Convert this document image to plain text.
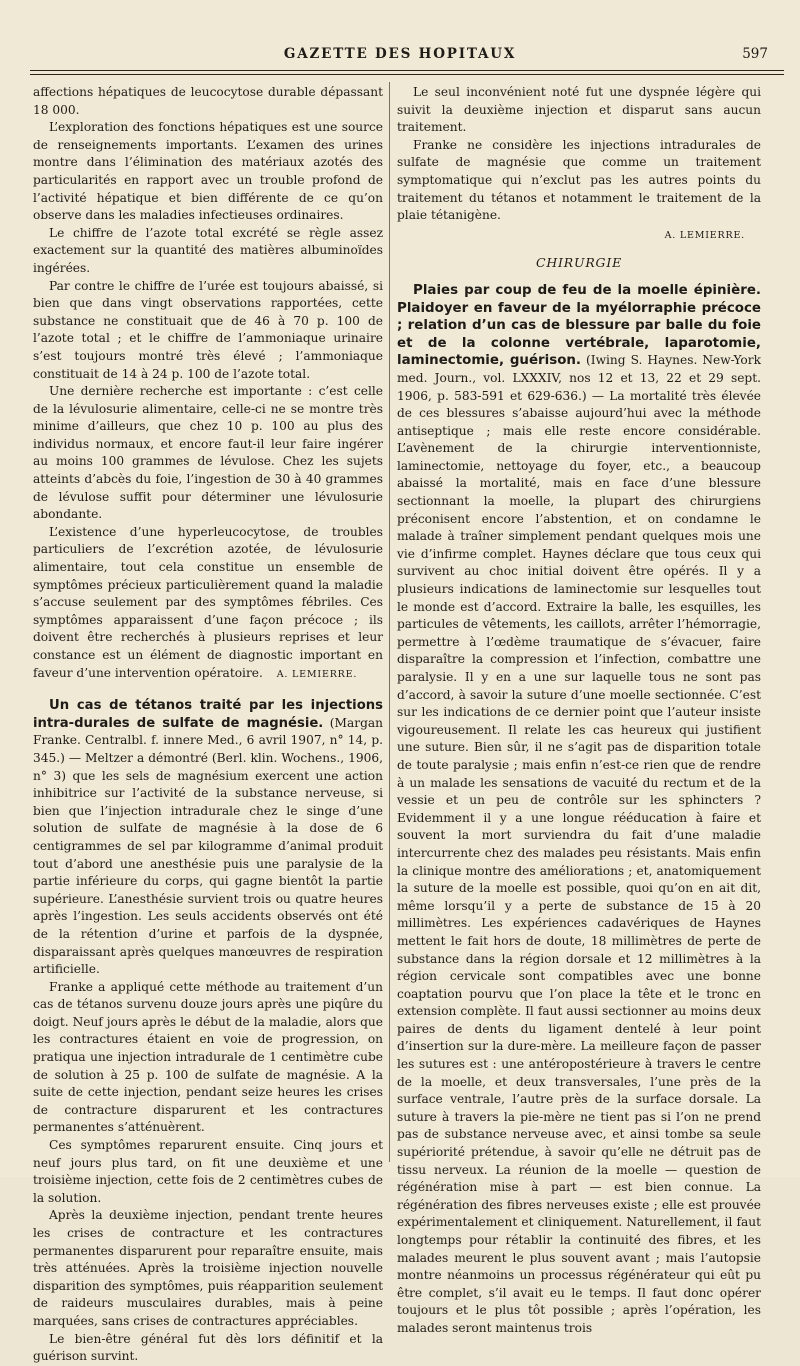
GAZETTE DES HOPITAUX	597

affections hépatiques de leucocytose durable dépassant 18 000.

L’exploration des fonctions hépatiques est une source de renseignements importants. L’examen des urines montre dans l’élimination des matériaux azotés des particularités en rapport avec un trouble profond de l’activité hépatique et bien différente de ce qu’on observe dans les maladies infectieuses ordinaires.

Le chiffre de l’azote total excrété se règle assez exactement sur la quantité des matières albuminoïdes ingérées.

Par contre le chiffre de l’urée est toujours abaissé, si bien que dans vingt observations rapportées, cette substance ne constituait que de 46 à 70 p. 100 de l’azote total ; et le chiffre de l’ammoniaque urinaire s’est toujours montré très élevé ; l’ammoniaque constituait de 14 à 24 p. 100 de l’azote total.

Une dernière recherche est importante : c’est celle de la lévulosurie alimentaire, celle-ci ne se montre très minime d’ailleurs, que chez 10 p. 100 au plus des individus normaux, et encore faut-il leur faire ingérer au moins 100 grammes de lévulose. Chez les sujets atteints d’abcès du foie, l’ingestion de 30 à 40 grammes de lévulose suffit pour déterminer une lévulosurie abondante.

L’existence d’une hyperleucocytose, de troubles particuliers de l’excrétion azotée, de lévulosurie alimentaire, tout cela constitue un ensemble de symptômes précieux particulièrement quand la maladie s’accuse seulement par des symptômes fébriles. Ces symptômes apparaissent d’une façon précoce ; ils doivent être recherchés à plusieurs reprises et leur constance est un élément de diagnostic important en faveur d’une intervention opératoire. A. LEMIERRE.

Un cas de tétanos traité par les injections intra-durales de sulfate de magnésie. (Margan Franke. Centralbl. f. innere Med., 6 avril 1907, n° 14, p. 345.) — Meltzer a démontré (Berl. klin. Wochens., 1906, n° 3) que les sels de magnésium exercent une action inhibitrice sur l’activité de la substance nerveuse, si bien que l’injection intradurale chez le singe d’une solution de sulfate de magnésie à la dose de 6 centigrammes de sel par kilogramme d’animal produit tout d’abord une anesthésie puis une paralysie de la partie inférieure du corps, qui gagne bientôt la partie supérieure. L’anesthésie survient trois ou quatre heures après l’ingestion. Les seuls accidents observés ont été de la rétention d’urine et parfois de la dyspnée, disparaissant après quelques manœuvres de respiration artificielle.

Franke a appliqué cette méthode au traitement d’un cas de tétanos survenu douze jours après une piqûre du doigt. Neuf jours après le début de la maladie, alors que les contractures étaient en voie de progression, on pratiqua une injection intradurale de 1 centimètre cube de solution à 25 p. 100 de sulfate de magnésie. A la suite de cette injection, pendant seize heures les crises de contracture disparurent et les contractures permanentes s’atténuèrent.

Ces symptômes reparurent ensuite. Cinq jours et neuf jours plus tard, on fit une deuxième et une troisième injection, cette fois de 2 centimètres cubes de la solution.

Après la deuxième injection, pendant trente heures les crises de contracture et les contractures permanentes disparurent pour reparaître ensuite, mais très atténuées. Après la troisième injection nouvelle disparition des symptômes, puis réapparition seulement de raideurs musculaires durables, mais à peine marquées, sans crises de contractures appréciables.

Le bien-être général fut dès lors définitif et la guérison survint.

Le seul inconvénient noté fut une dyspnée légère qui suivit la deuxième injection et disparut sans aucun traitement.

Franke ne considère les injections intradurales de sulfate de magnésie que comme un traitement symptomatique qui n’exclut pas les autres points du traitement du tétanos et notamment le traitement de la plaie tétanigène.

A. LEMIERRE.
CHIRURGIE

Plaies par coup de feu de la moelle épinière. Plaidoyer en faveur de la myélorraphie précoce ; relation d’un cas de blessure par balle du foie et de la colonne vertébrale, laparotomie, laminectomie, guérison. (Iwing S. Haynes. New-York med. Journ., vol. LXXXIV, nos 12 et 13, 22 et 29 sept. 1906, p. 583-591 et 629-636.) — La mortalité très élevée de ces blessures s’abaisse aujourd’hui avec la méthode antiseptique ; mais elle reste encore considérable. L’avènement de la chirurgie interventionniste, laminectomie, nettoyage du foyer, etc., a beaucoup abaissé la mortalité, mais en face d’une blessure sectionnant la moelle, la plupart des chirurgiens préconisent encore l’abstention, et on condamne le malade à traîner simplement pendant quelques mois une vie d’infirme complet. Haynes déclare que tous ceux qui survivent au choc initial doivent être opérés. Il y a plusieurs indications de laminectomie sur lesquelles tout le monde est d’accord. Extraire la balle, les esquilles, les particules de vêtements, les caillots, arrêter l’hémorragie, permettre à l’œdème traumatique de s’évacuer, faire disparaître la compression et l’infection, combattre une paralysie. Il y en a une sur laquelle tous ne sont pas d’accord, à savoir la suture d’une moelle sectionnée. C’est sur les indications de ce dernier point que l’auteur insiste vigoureusement. Il relate les cas heureux qui justifient une suture. Bien sûr, il ne s’agit pas de disparition totale de toute paralysie ; mais enfin n’est-ce rien que de rendre à un malade les sensations de vacuité du rectum et de la vessie et un peu de contrôle sur les sphincters ? Evidemment il y a une longue rééducation à faire et souvent la mort surviendra du fait d’une maladie intercurrente chez des malades peu résistants. Mais enfin la clinique montre des améliorations ; et, anatomiquement la suture de la moelle est possible, quoi qu’on en ait dit, même lorsqu’il y a perte de substance de 15 à 20 millimètres. Les expériences cadavériques de Haynes mettent le fait hors de doute, 18 millimètres de perte de substance dans la région dorsale et 12 millimètres à la région cervicale sont compatibles avec une bonne coaptation pourvu que l’on place la tête et le tronc en extension complète. Il faut aussi sectionner au moins deux paires de dents du ligament dentelé à leur point d’insertion sur la dure-mère. La meilleure façon de passer les sutures est : une antéropostérieure à travers le centre de la moelle, et deux transversales, l’une près de la surface ventrale, l’autre près de la surface dorsale. La suture à travers la pie-mère ne tient pas si l’on ne prend pas de substance nerveuse avec, et ainsi tombe sa seule supériorité prétendue, à savoir qu’elle ne détruit pas de tissu nerveux. La réunion de la moelle — question de régénération mise à part — est bien connue. La régénération des fibres nerveuses existe ; elle est prouvée expérimentalement et cliniquement. Naturellement, il faut longtemps pour rétablir la continuité des fibres, et les malades meurent le plus souvent avant ; mais l’autopsie montre néanmoins un processus régénérateur qui eût pu être complet, s’il avait eu le temps. Il faut donc opérer toujours et le plus tôt possible ; après l’opération, les malades seront maintenus trois
